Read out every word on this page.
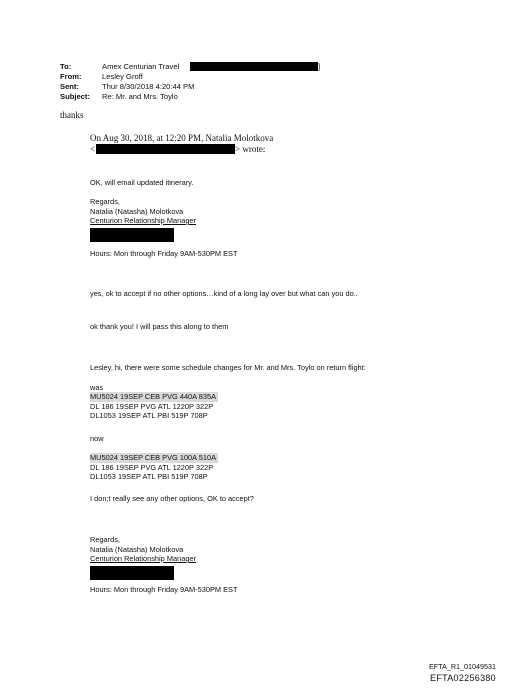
To:	Amex Centurian Travel	]
From:	Lesley Groff
Sent:	Thur 8/30/2018 4:20:44 PM
Subject: Re: Mr. and Mrs. Toylo
thanks
On Aug 30, 2018, at 12:20 PM, Natalia Molotkova
<	> wrote:
OK, will email updated itinerary.
Regards,
Natalia (Natasha) Molotkova
Centurion Relationship Manager
Hours: Mon through Friday 9AM-530PM EST
yes, ok to accept if no other options…kind of a long lay over but what can you do..
ok thank you! I will pass this along to them
Lesley, hi, there were some schedule changes for Mr. and Mrs. Toylo on return flight:
was
MU5024 19SEP CEB PVG 440A 835A
DL 186 19SEP PVG ATL 1220P 322P
DL1053 19SEP ATL PBI 519P 708P
now
MU5024 19SEP CEB PVG 100A 510A
DL 186 19SEP PVG ATL 1220P 322P
DL1053 19SEP ATL PBI 519P 708P
I don;t really see any other options, OK to accept?
Regards,
Natalia (Natasha) Molotkova
Centurion Relationship Manager
Hours: Mon through Friday 9AM-530PM EST
EFTA_R1_01049531
EFTA02256380
